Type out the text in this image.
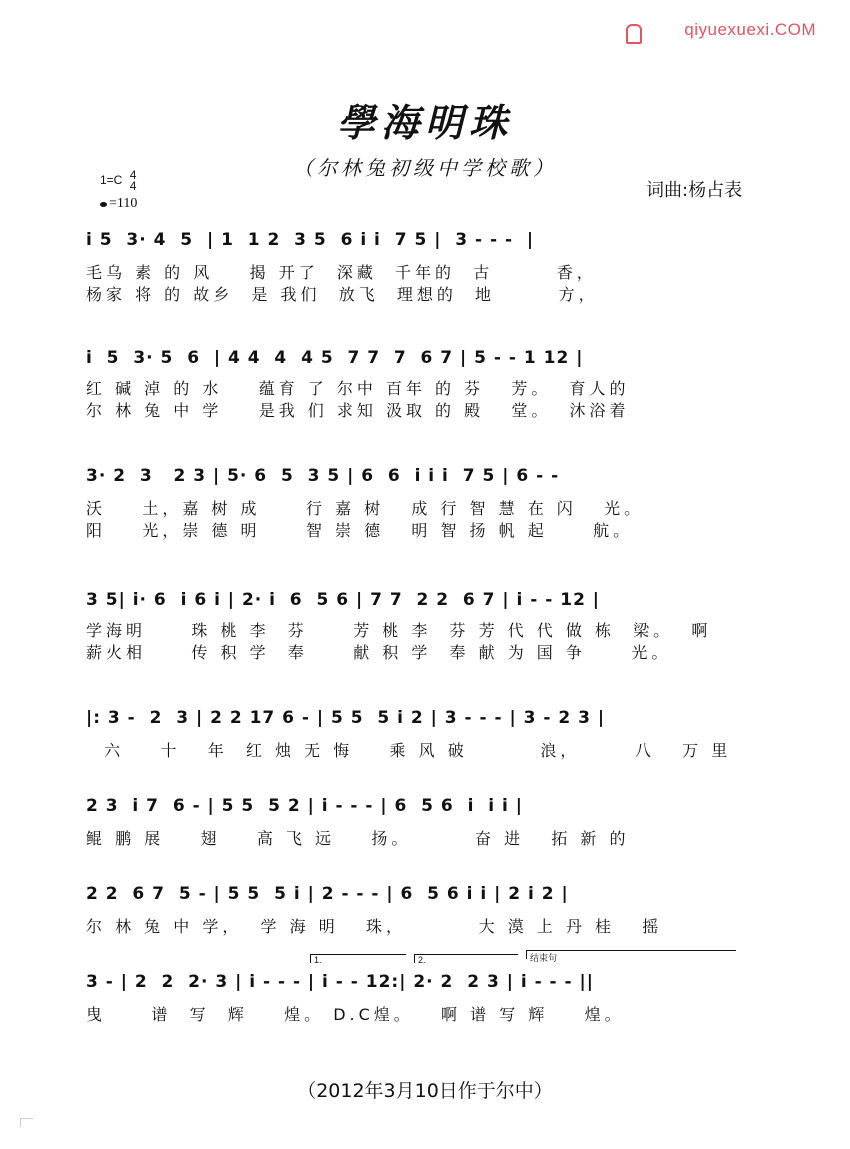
qiyuexuexi.COM
學海明珠
（尔林兔初级中学校歌）
1=C 4
4
=110
词曲:杨占表
i 5  3· 4  5  | 1  1 2  3 5  6 i i  7 5 |  3 - - -  |
毛乌 素 的 风    揭 开了  深藏  千年的  古       香，
杨家 将 的 故乡  是 我们  放飞  理想的  地       方，
i  5  3· 5  6  | 4 4  4  4 5  7 7  7  6 7 | 5 - - 1 12 |
红 碱 淖 的 水    蕴育 了 尔中 百年 的 芬   芳。  育人的
尔 林 兔 中 学    是我 们 求知 汲取 的 殿   堂。  沐浴着
3· 2  3   2 3 | 5· 6  5  3 5 | 6  6  i i i  7 5 | 6 - -
沃    土，嘉 树 成     行 嘉 树   成 行 智 慧 在 闪   光。
阳    光，崇 德 明     智 崇 德   明 智 扬 帆 起     航。
3 5| i· 6  i 6 i | 2· i  6  5 6 | 7 7  2 2  6 7 | i - - 12 |
学海明     珠 桃 李  芬     芳 桃 李  芬 芳 代 代 做 栋  梁。  啊
薪火相     传 积 学  奉     献 积 学  奉 献 为 国 争     光。
|: 3 -  2  3 | 2 2 17 6 - | 5 5  5 i 2 | 3 - - - | 3 - 2 3 |
六    十   年  红 烛 无 悔    乘 风 破        浪，      八   万 里
2 3  i 7  6 - | 5 5  5 2 | i - - - | 6  5 6  i  i i |
鲲 鹏 展    翅    高 飞 远    扬。       奋 进   拓 新 的
2 2  6 7  5 - | 5 5  5 i | 2 - - - | 6  5 6 i i | 2 i 2 |
尔 林 兔 中 学，  学 海 明   珠，        大 漠 上 丹 桂   摇
1.	2.	结束句
3 - | 2  2  2· 3 | i - - - | i - - 12:| 2· 2  2 3 | i - - - ||
曳     谱  写  辉    煌。 D.C煌。   啊 谱 写 辉    煌。
（2012年3月10日作于尔中）
